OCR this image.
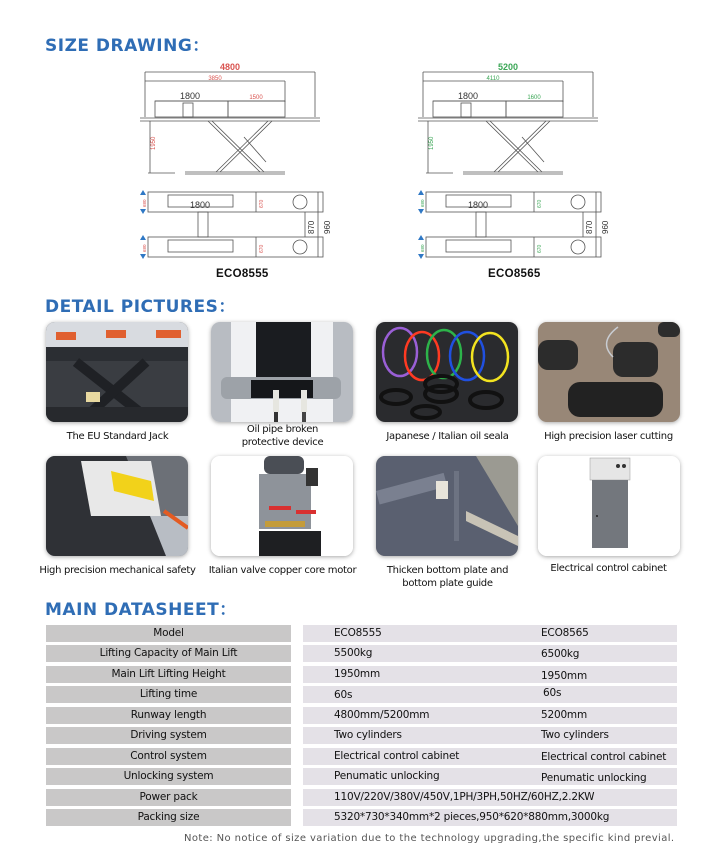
SIZE DRAWING：
4800
3850
1800	1500
1950
1800	670
670
870 960
680
680
ECO8555
5200
4110
1800	1600
1950
1800	670
670
870 960
680
680
ECO8565
DETAIL PICTURES：
The EU Standard Jack
Oil pipe broken protective device
Japanese / Italian oil seala	High precision laser cutting
High precision mechanical safety	Italian valve copper core motor	Thicken bottom plate and bottom plate guide
Electrical control cabinet
MAIN DATASHEET：
Model	ECO8555	ECO8565
Lifting Capacity of Main Lift	5500kg	6500kg
Main Lift Lifting Height	1950mm	1950mm
Lifting time	60s	60s
Runway length	4800mm/5200mm	5200mm
Driving system	Two cylinders	Two cylinders
Control system	Electrical control cabinet	Electrical control cabinet
Unlocking system	Penumatic unlocking	Penumatic unlocking
Power pack	110V/220V/380V/450V,1PH/3PH,50HZ/60HZ,2.2KW
Packing size	5320*730*340mm*2 pieces,950*620*880mm,3000kg
Note: No notice of size variation due to the technology upgrading,the specific kind previal.
